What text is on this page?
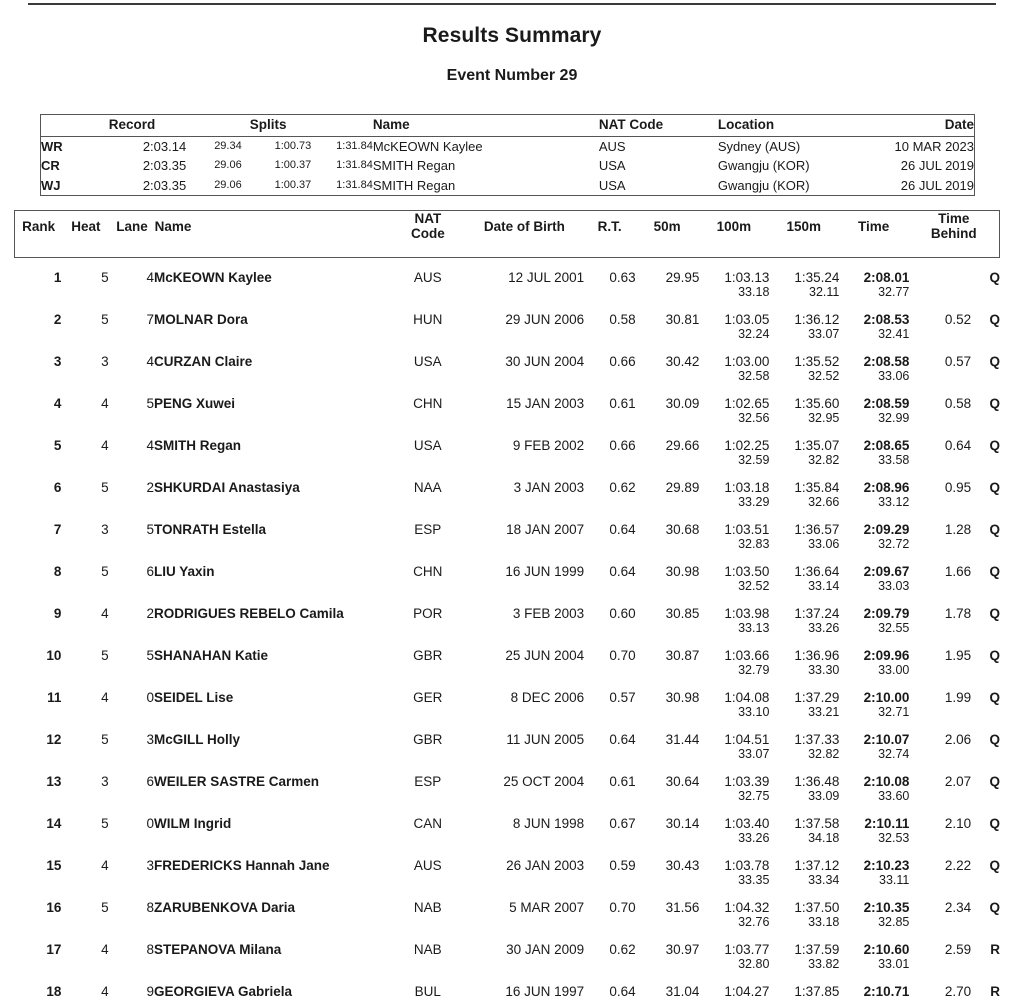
Results Summary
Event Number 29
	Record		Splits		Name	NAT Code	Location	Date
WR	2:03.14	29.34	1:00.73	1:31.84	McKEOWN Kaylee	AUS	Sydney (AUS)	10 MAR 2023
CR	2:03.35	29.06	1:00.37	1:31.84	SMITH Regan	USA	Gwangju (KOR)	26 JUL 2019
WJ	2:03.35	29.06	1:00.37	1:31.84	SMITH Regan	USA	Gwangju (KOR)	26 JUL 2019
Rank	Heat	Lane	Name	NAT
Code	Date of Birth	R.T.	50m	100m	150m	Time	Time
Behind
1	5	4	McKEOWN Kaylee	AUS	12 JUL 2001	0.63	29.95	1:03.13	1:35.24	2:08.01		Q
								33.18	32.11	32.77		
2	5	7	MOLNAR Dora	HUN	29 JUN 2006	0.58	30.81	1:03.05	1:36.12	2:08.53	0.52	Q
								32.24	33.07	32.41		
3	3	4	CURZAN Claire	USA	30 JUN 2004	0.66	30.42	1:03.00	1:35.52	2:08.58	0.57	Q
								32.58	32.52	33.06		
4	4	5	PENG Xuwei	CHN	15 JAN 2003	0.61	30.09	1:02.65	1:35.60	2:08.59	0.58	Q
								32.56	32.95	32.99		
5	4	4	SMITH Regan	USA	9 FEB 2002	0.66	29.66	1:02.25	1:35.07	2:08.65	0.64	Q
								32.59	32.82	33.58		
6	5	2	SHKURDAI Anastasiya	NAA	3 JAN 2003	0.62	29.89	1:03.18	1:35.84	2:08.96	0.95	Q
								33.29	32.66	33.12		
7	3	5	TONRATH Estella	ESP	18 JAN 2007	0.64	30.68	1:03.51	1:36.57	2:09.29	1.28	Q
								32.83	33.06	32.72		
8	5	6	LIU Yaxin	CHN	16 JUN 1999	0.64	30.98	1:03.50	1:36.64	2:09.67	1.66	Q
								32.52	33.14	33.03		
9	4	2	RODRIGUES REBELO Camila	POR	3 FEB 2003	0.60	30.85	1:03.98	1:37.24	2:09.79	1.78	Q
								33.13	33.26	32.55		
10	5	5	SHANAHAN Katie	GBR	25 JUN 2004	0.70	30.87	1:03.66	1:36.96	2:09.96	1.95	Q
								32.79	33.30	33.00		
11	4	0	SEIDEL Lise	GER	8 DEC 2006	0.57	30.98	1:04.08	1:37.29	2:10.00	1.99	Q
								33.10	33.21	32.71		
12	5	3	McGILL Holly	GBR	11 JUN 2005	0.64	31.44	1:04.51	1:37.33	2:10.07	2.06	Q
								33.07	32.82	32.74		
13	3	6	WEILER SASTRE Carmen	ESP	25 OCT 2004	0.61	30.64	1:03.39	1:36.48	2:10.08	2.07	Q
								32.75	33.09	33.60		
14	5	0	WILM Ingrid	CAN	8 JUN 1998	0.67	30.14	1:03.40	1:37.58	2:10.11	2.10	Q
								33.26	34.18	32.53		
15	4	3	FREDERICKS Hannah Jane	AUS	26 JAN 2003	0.59	30.43	1:03.78	1:37.12	2:10.23	2.22	Q
								33.35	33.34	33.11		
16	5	8	ZARUBENKOVA Daria	NAB	5 MAR 2007	0.70	31.56	1:04.32	1:37.50	2:10.35	2.34	Q
								32.76	33.18	32.85		
17	4	8	STEPANOVA Milana	NAB	30 JAN 2009	0.62	30.97	1:03.77	1:37.59	2:10.60	2.59	R
								32.80	33.82	33.01		
18	4	9	GEORGIEVA Gabriela	BUL	16 JUN 1997	0.64	31.04	1:04.27	1:37.85	2:10.71	2.70	R
